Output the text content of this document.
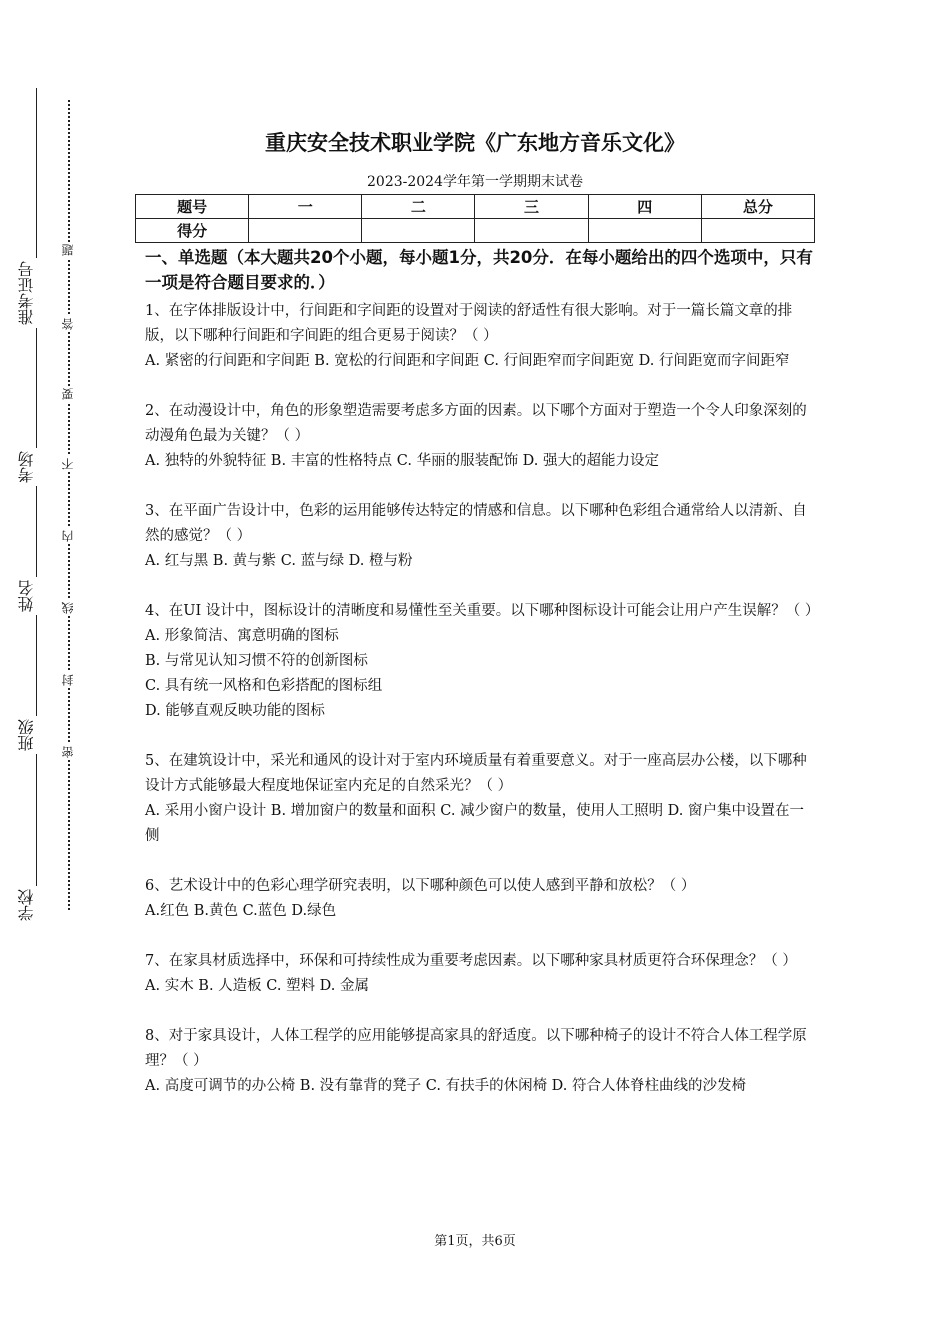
准考证号
考场
姓名
班级
学校
题
答
要
不
内
线
封
密
重庆安全技术职业学院《广东地方音乐文化》
2023-2024学年第一学期期末试卷
题号	一	二	三	四	总分
得分					
一、单选题（本大题共20个小题，每小题1分，共20分．在每小题给出的四个选项中，只有一项是符合题目要求的．）
1、在字体排版设计中，行间距和字间距的设置对于阅读的舒适性有很大影响。对于一篇长篇文章的排版，以下哪种行间距和字间距的组合更易于阅读？（ ）
A. 紧密的行间距和字间距 B. 宽松的行间距和字间距 C. 行间距窄而字间距宽 D. 行间距宽而字间距窄
2、在动漫设计中，角色的形象塑造需要考虑多方面的因素。以下哪个方面对于塑造一个令人印象深刻的动漫角色最为关键？（ ）
A. 独特的外貌特征 B. 丰富的性格特点 C. 华丽的服装配饰 D. 强大的超能力设定
3、在平面广告设计中，色彩的运用能够传达特定的情感和信息。以下哪种色彩组合通常给人以清新、自然的感觉？（ ）
A. 红与黑 B. 黄与紫 C. 蓝与绿 D. 橙与粉
4、在UI 设计中，图标设计的清晰度和易懂性至关重要。以下哪种图标设计可能会让用户产生误解？（ ）
A. 形象简洁、寓意明确的图标
B. 与常见认知习惯不符的创新图标
C. 具有统一风格和色彩搭配的图标组
D. 能够直观反映功能的图标
5、在建筑设计中，采光和通风的设计对于室内环境质量有着重要意义。对于一座高层办公楼，以下哪种设计方式能够最大程度地保证室内充足的自然采光？（ ）
A. 采用小窗户设计 B. 增加窗户的数量和面积 C. 减少窗户的数量，使用人工照明 D. 窗户集中设置在一侧
6、艺术设计中的色彩心理学研究表明，以下哪种颜色可以使人感到平静和放松？（ ）
A.红色 B.黄色 C.蓝色 D.绿色
7、在家具材质选择中，环保和可持续性成为重要考虑因素。以下哪种家具材质更符合环保理念？（ ）
A. 实木 B. 人造板 C. 塑料 D. 金属
8、对于家具设计，人体工程学的应用能够提高家具的舒适度。以下哪种椅子的设计不符合人体工程学原理？（ ）
A. 高度可调节的办公椅 B. 没有靠背的凳子 C. 有扶手的休闲椅 D. 符合人体脊柱曲线的沙发椅
第1页，共6页
